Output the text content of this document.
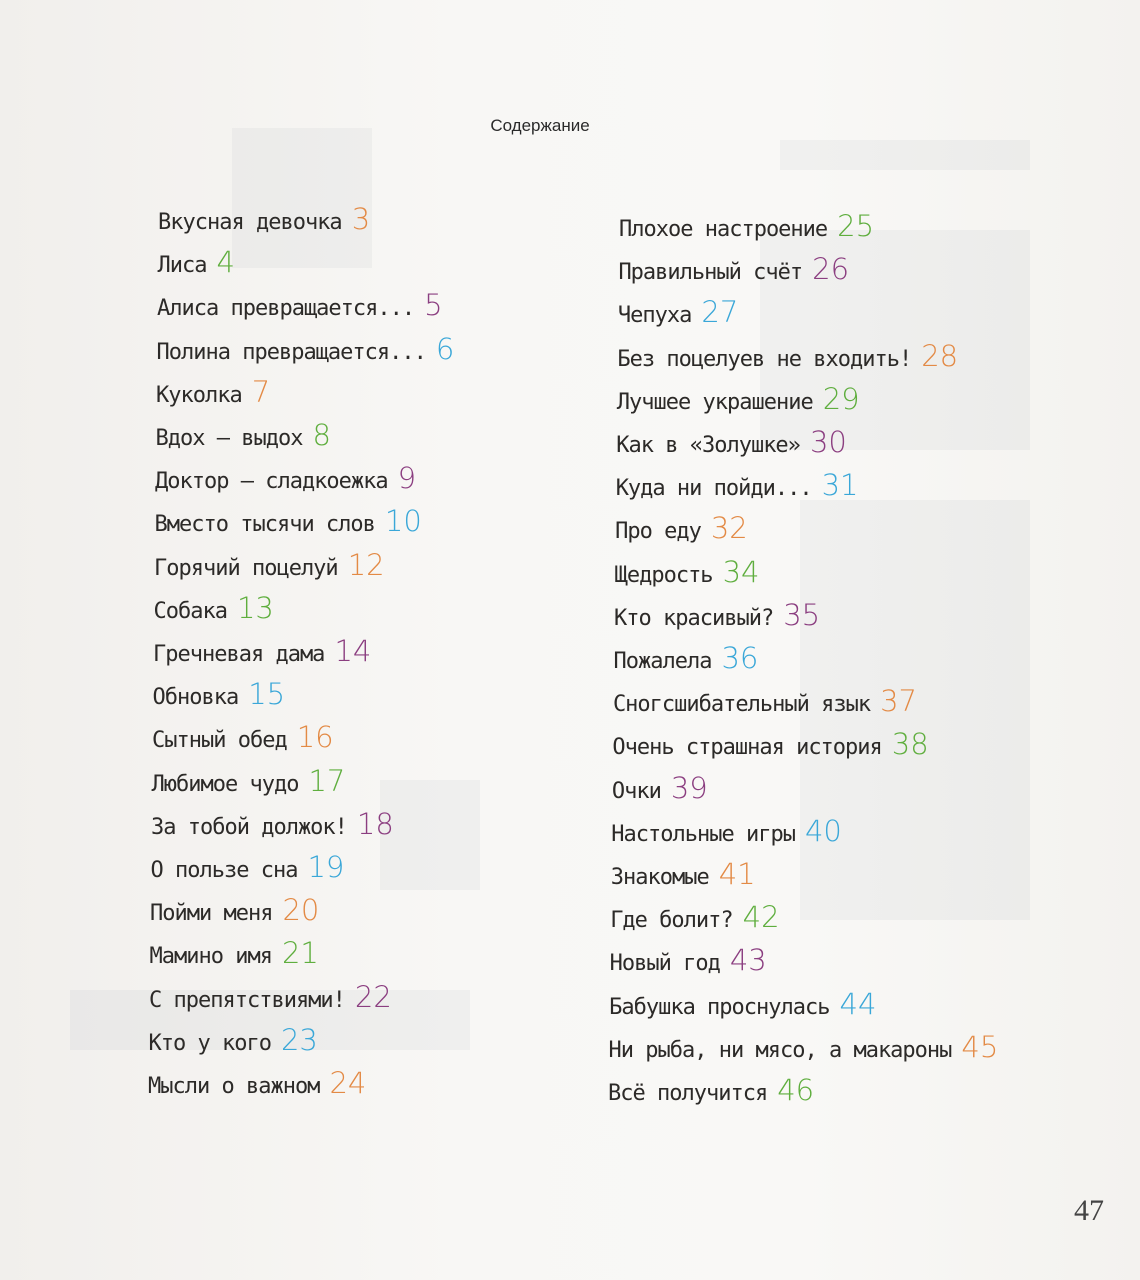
Содержание
Вкусная девочка 3
Лиса 4
Алиса превращается... 5
Полина превращается... 6
Куколка 7
Вдох – выдох 8
Доктор – сладкоежка 9
Вместо тысячи слов 10
Горячий поцелуй 12
Собака 13
Гречневая дама 14
Обновка 15
Сытный обед 16
Любимое чудо 17
За тобой должок! 18
О пользе сна 19
Пойми меня 20
Мамино имя 21
С препятствиями! 22
Кто у кого 23
Мысли о важном 24
Плохое настроение 25
Правильный счёт 26
Чепуха 27
Без поцелуев не входить! 28
Лучшее украшение 29
Как в «Золушке» 30
Куда ни пойди... 31
Про еду 32
Щедрость 34
Кто красивый? 35
Пожалела 36
Сногсшибательный язык 37
Очень страшная история 38
Очки 39
Настольные игры 40
Знакомые 41
Где болит? 42
Новый год 43
Бабушка проснулась 44
Ни рыба, ни мясо, а макароны 45
Всё получится 46
47
